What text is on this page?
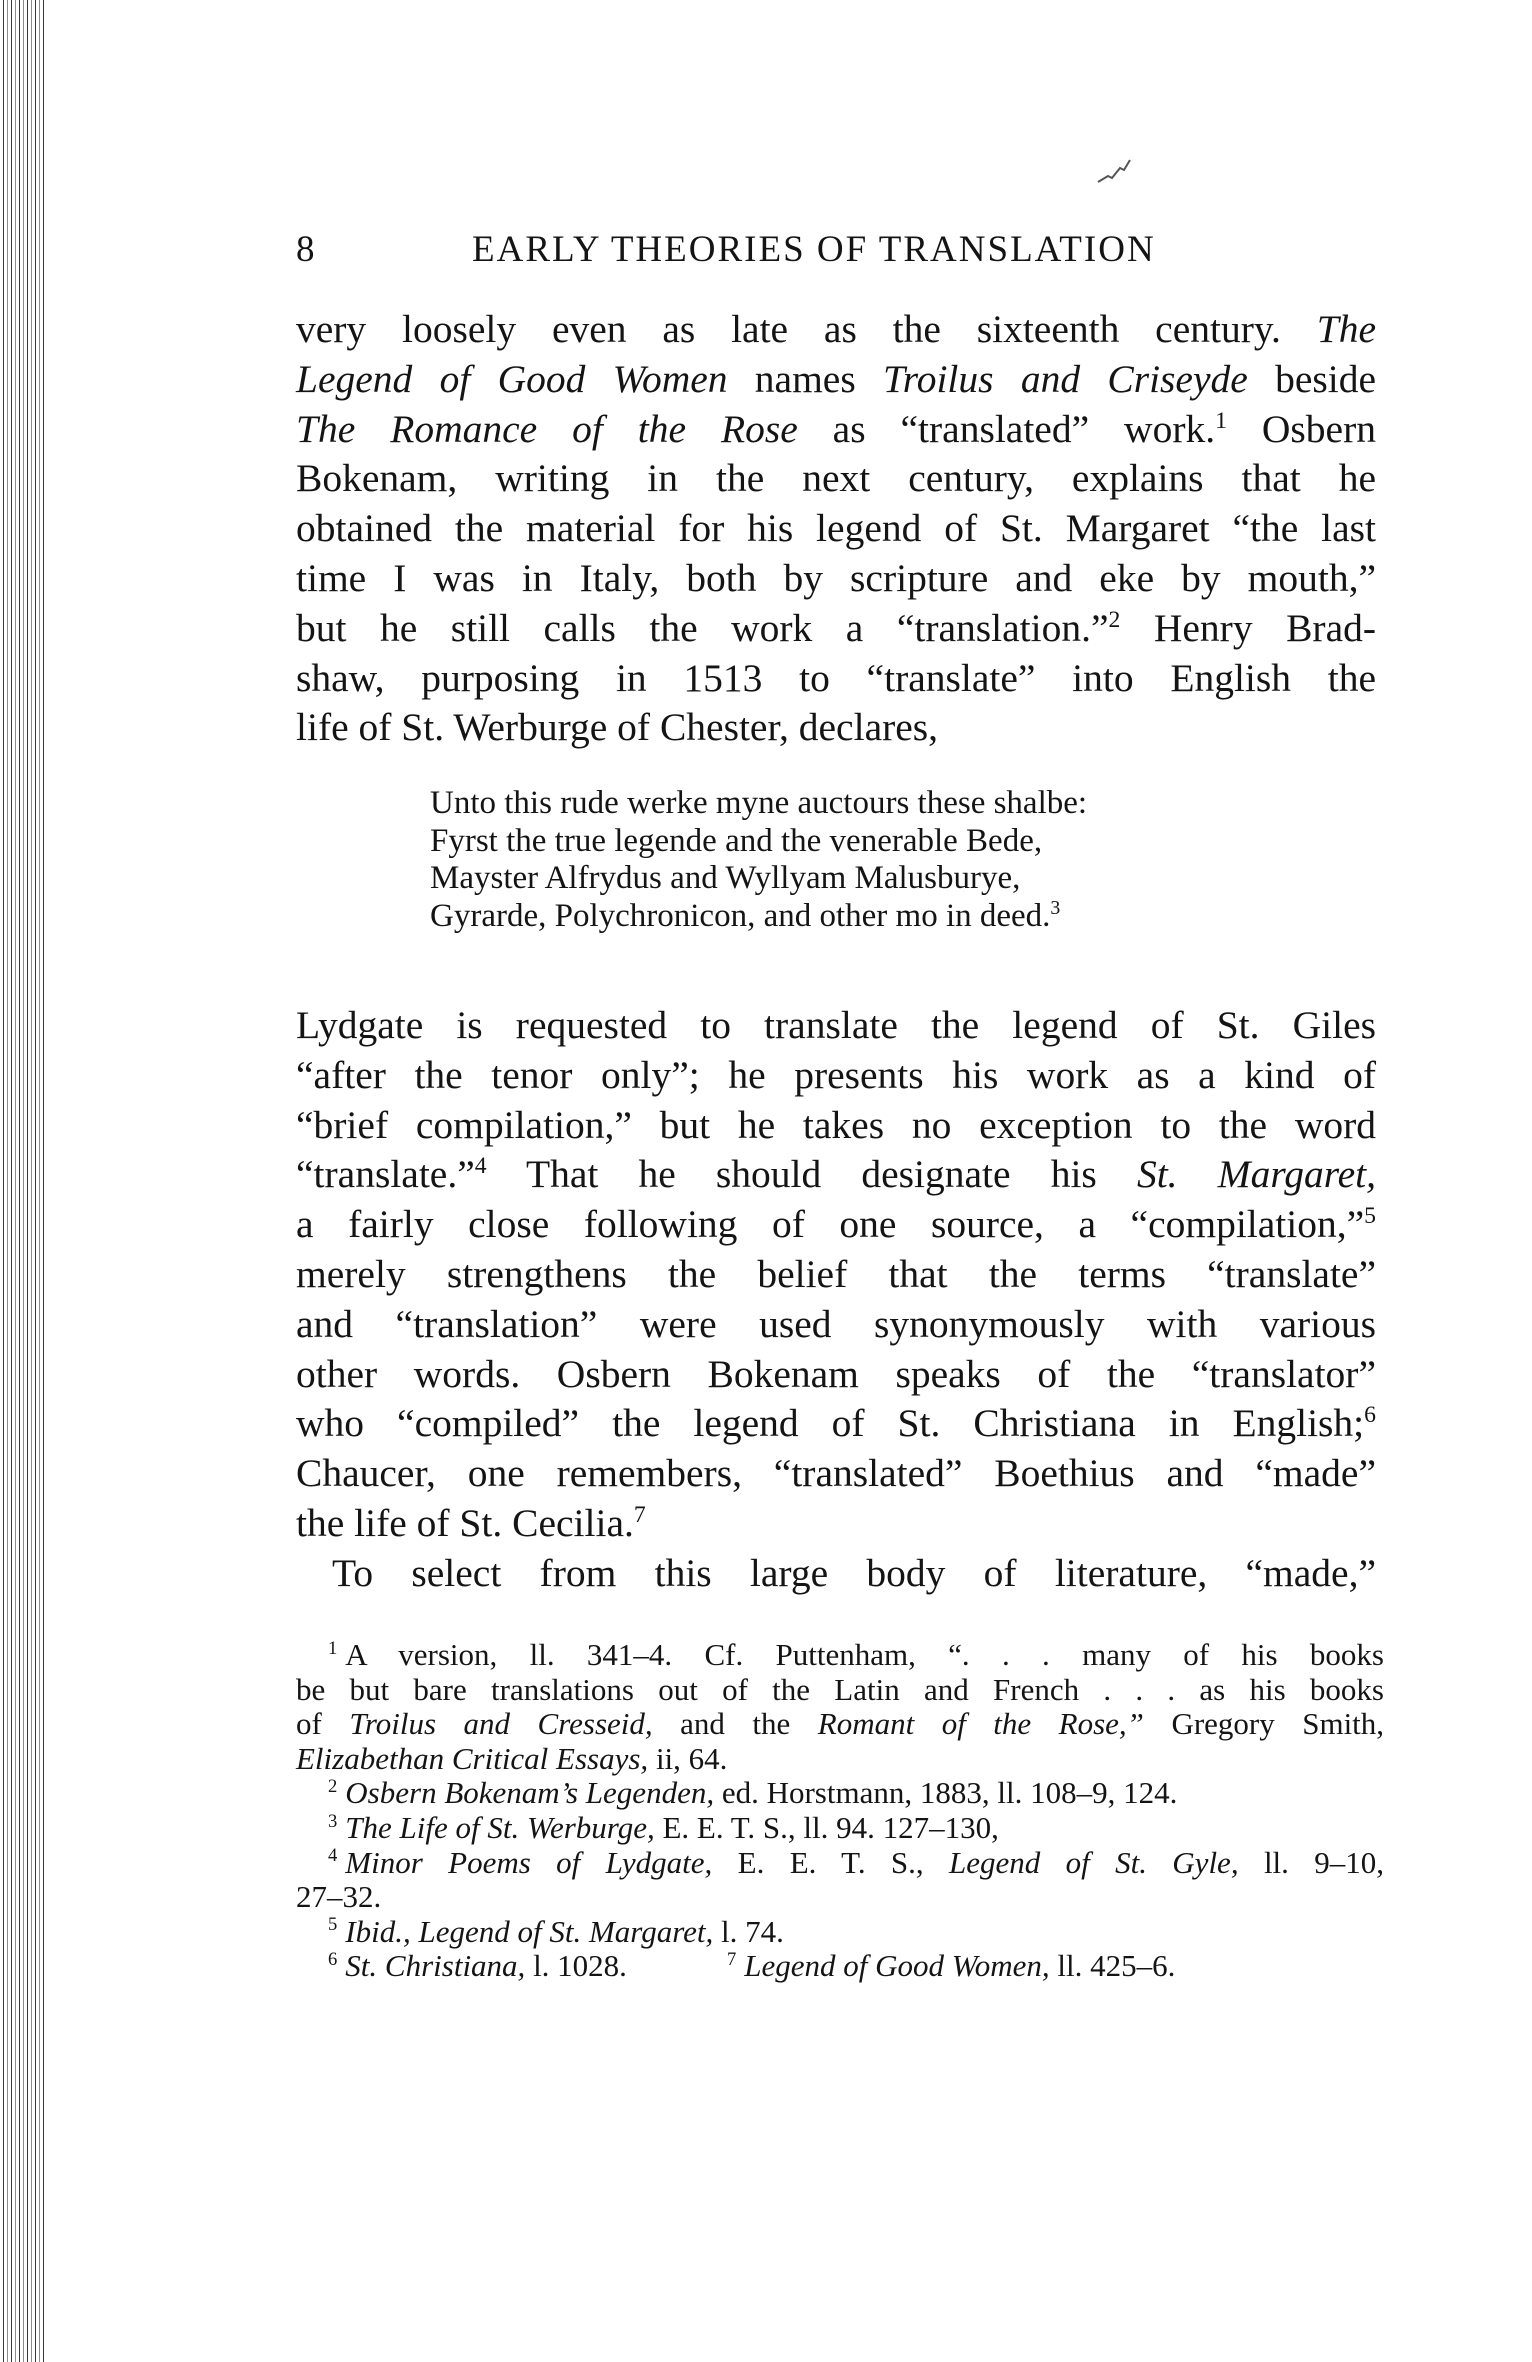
8	EARLY THEORIES OF TRANSLATION
very loosely even as late as the sixteenth century. The
Legend of Good Women names Troilus and Criseyde beside
The Romance of the Rose as “translated” work.$^1$ Osbern
Bokenam, writing in the next century, explains that he
obtained the material for his legend of St. Margaret “the last
time I was in Italy, both by scripture and eke by mouth,”
but he still calls the work a “translation.”$^2$ Henry Brad-
shaw, purposing in 1513 to “translate” into English the
life of St. Werburge of Chester, declares,
Unto this rude werke myne auctours these shalbe:
Fyrst the true legende and the venerable Bede,
Mayster Alfrydus and Wyllyam Malusburye,
Gyrarde, Polychronicon, and other mo in deed.$^3$
Lydgate is requested to translate the legend of St. Giles
“after the tenor only”; he presents his work as a kind of
“brief compilation,” but he takes no exception to the word
“translate.”$^4$ That he should designate his St. Margaret,
a fairly close following of one source, a “compilation,”$^5$
merely strengthens the belief that the terms “translate”
and “translation” were used synonymously with various
other words. Osbern Bokenam speaks of the “translator”
who “compiled” the legend of St. Christiana in English;$^6$
Chaucer, one remembers, “translated” Boethius and “made”
the life of St. Cecilia.$^7$
To select from this large body of literature, “made,”
$^1$ A version, ll. 341–4. Cf. Puttenham, “. . . many of his books
be but bare translations out of the Latin and French . . . as his books
of Troilus and Cresseid, and the Romant of the Rose,” Gregory Smith,
Elizabethan Critical Essays, ii, 64.
$^2$ Osbern Bokenam’s Legenden, ed. Horstmann, 1883, ll. 108–9, 124.
$^3$ The Life of St. Werburge, E. E. T. S., ll. 94. 127–130,
$^4$ Minor Poems of Lydgate, E. E. T. S., Legend of St. Gyle, ll. 9–10,
27–32.
$^5$ Ibid., Legend of St. Margaret, l. 74.
$^6$ St. Christiana, l. 1028.	$^7$ Legend of Good Women, ll. 425–6.
